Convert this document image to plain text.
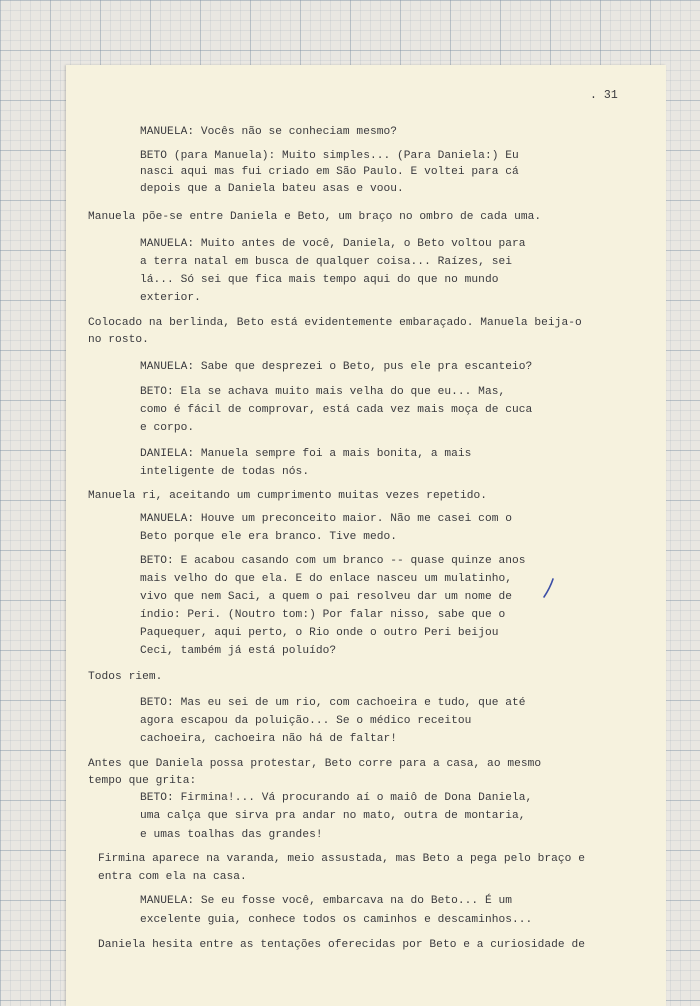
. 31

MANUELA: Vocês não se conheciam mesmo?

BETO (para Manuela): Muito simples... (Para Daniela:) Eu

nasci aqui mas fui criado em São Paulo. E voltei para cá

depois que a Daniela bateu asas e voou.

Manuela põe-se entre Daniela e Beto, um braço no ombro de cada uma.

MANUELA: Muito antes de você, Daniela, o Beto voltou para

a terra natal em busca de qualquer coisa... Raízes, sei

lá... Só sei que fica mais tempo aqui do que no mundo

exterior.

Colocado na berlinda, Beto está evidentemente embaraçado. Manuela beija-o

no rosto.

MANUELA: Sabe que desprezei o Beto, pus ele pra escanteio?

BETO: Ela se achava muito mais velha do que eu... Mas,

como é fácil de comprovar, está cada vez mais moça de cuca

e corpo.

DANIELA: Manuela sempre foi a mais bonita, a mais

inteligente de todas nós.

Manuela ri, aceitando um cumprimento muitas vezes repetido.

MANUELA: Houve um preconceito maior. Não me casei com o

Beto porque ele era branco. Tive medo.

BETO: E acabou casando com um branco -- quase quinze anos

mais velho do que ela. E do enlace nasceu um mulatinho,

vivo que nem Saci, a quem o pai resolveu dar um nome de

índio: Peri. (Noutro tom:) Por falar nisso, sabe que o

Paquequer, aqui perto, o Rio onde o outro Peri beijou

Ceci, também já está poluído?

Todos riem.

BETO: Mas eu sei de um rio, com cachoeira e tudo, que até

agora escapou da poluição... Se o médico receitou

cachoeira, cachoeira não há de faltar!

Antes que Daniela possa protestar, Beto corre para a casa, ao mesmo

tempo que grita:

BETO: Firmina!... Vá procurando aí o maiô de Dona Daniela,

uma calça que sirva pra andar no mato, outra de montaria,

e umas toalhas das grandes!

Firmina aparece na varanda, meio assustada, mas Beto a pega pelo braço e

entra com ela na casa.

MANUELA: Se eu fosse você, embarcava na do Beto... É um

excelente guia, conhece todos os caminhos e descaminhos...

Daniela hesita entre as tentações oferecidas por Beto e a curiosidade de
